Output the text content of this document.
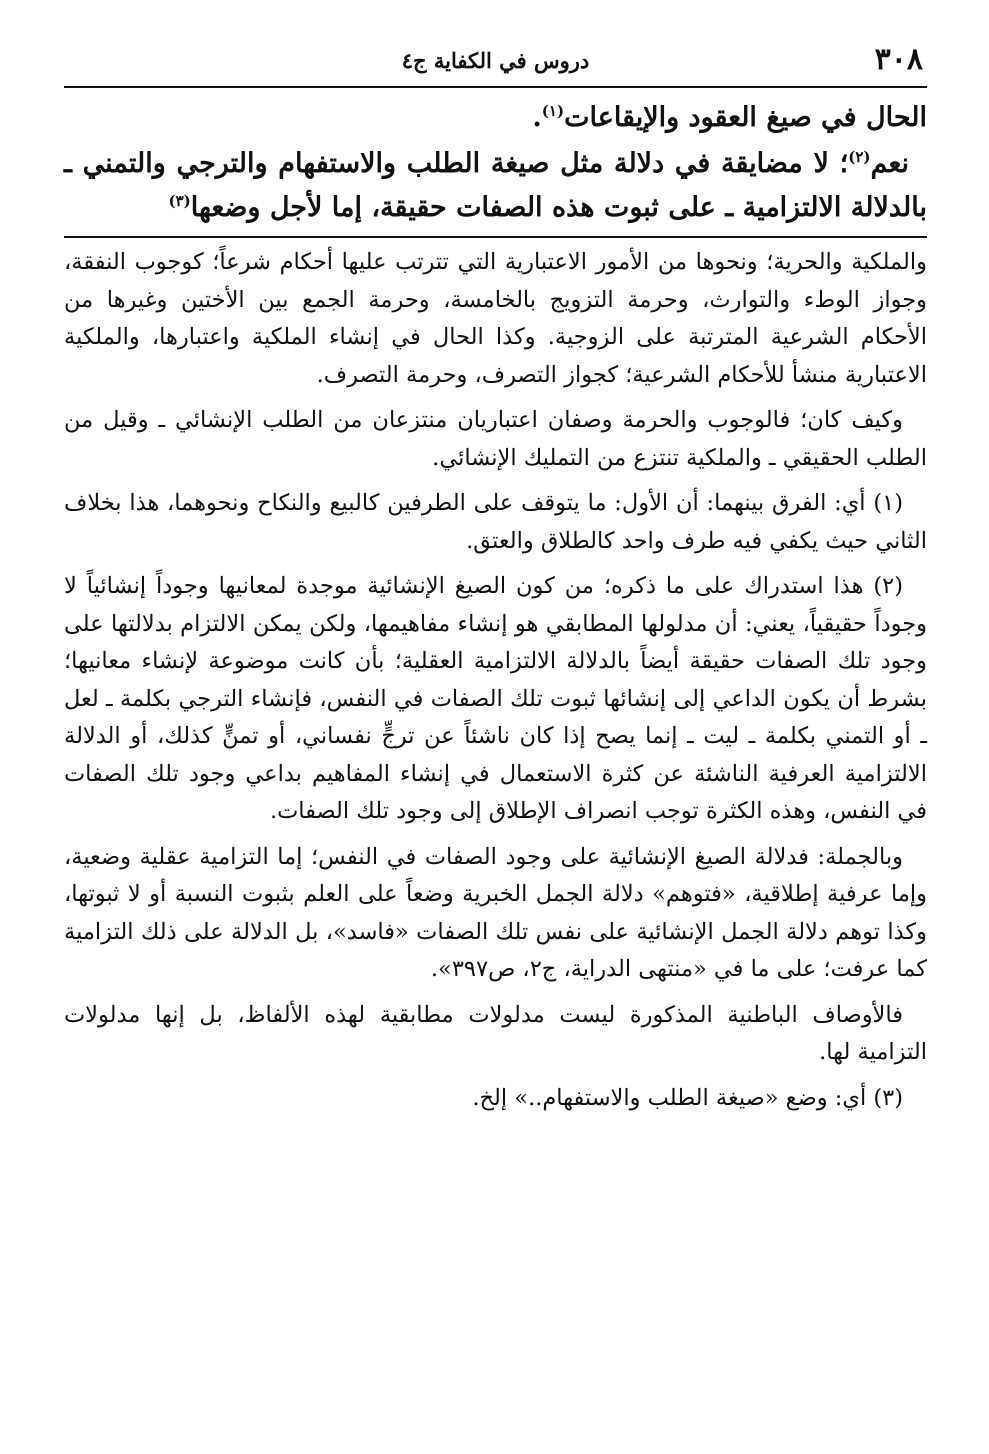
٣٠٨
دروس في الكفاية ج٤

الحال في صيغ العقود والإيقاعات$^{(١)}$.

نعم$^{(٢)}$؛ لا مضايقة في دلالة مثل صيغة الطلب والاستفهام والترجي والتمني ـ بالدلالة الالتزامية ـ على ثبوت هذه الصفات حقيقة، إما لأجل وضعها$^{(٣)}$

والملكية والحرية؛ ونحوها من الأمور الاعتبارية التي تترتب عليها أحكام شرعاً؛ كوجوب النفقة، وجواز الوطء والتوارث، وحرمة التزويج بالخامسة، وحرمة الجمع بين الأختين وغيرها من الأحكام الشرعية المترتبة على الزوجية. وكذا الحال في إنشاء الملكية واعتبارها، والملكية الاعتبارية منشأ للأحكام الشرعية؛ كجواز التصرف، وحرمة التصرف.

وكيف كان؛ فالوجوب والحرمة وصفان اعتباريان منتزعان من الطلب الإنشائي ـ وقيل من الطلب الحقيقي ـ والملكية تنتزع من التمليك الإنشائي.

(١) أي: الفرق بينهما: أن الأول: ما يتوقف على الطرفين كالبيع والنكاح ونحوهما، هذا بخلاف الثاني حيث يكفي فيه طرف واحد كالطلاق والعتق.

(٢) هذا استدراك على ما ذكره؛ من كون الصيغ الإنشائية موجدة لمعانيها وجوداً إنشائياً لا وجوداً حقيقياً، يعني: أن مدلولها المطابقي هو إنشاء مفاهيمها، ولكن يمكن الالتزام بدلالتها على وجود تلك الصفات حقيقة أيضاً بالدلالة الالتزامية العقلية؛ بأن كانت موضوعة لإنشاء معانيها؛ بشرط أن يكون الداعي إلى إنشائها ثبوت تلك الصفات في النفس، فإنشاء الترجي بكلمة ـ لعل ـ أو التمني بكلمة ـ ليت ـ إنما يصح إذا كان ناشئاً عن ترجٍّ نفساني، أو تمنٍّ كذلك، أو الدلالة الالتزامية العرفية الناشئة عن كثرة الاستعمال في إنشاء المفاهيم بداعي وجود تلك الصفات في النفس، وهذه الكثرة توجب انصراف الإطلاق إلى وجود تلك الصفات.

وبالجملة: فدلالة الصيغ الإنشائية على وجود الصفات في النفس؛ إما التزامية عقلية وضعية، وإما عرفية إطلاقية، «فتوهم» دلالة الجمل الخبرية وضعاً على العلم بثبوت النسبة أو لا ثبوتها، وكذا توهم دلالة الجمل الإنشائية على نفس تلك الصفات «فاسد»، بل الدلالة على ذلك التزامية كما عرفت؛ على ما في «منتهى الدراية، ج٢، ص٣٩٧».

فالأوصاف الباطنية المذكورة ليست مدلولات مطابقية لهذه الألفاظ، بل إنها مدلولات التزامية لها.

(٣) أي: وضع «صيغة الطلب والاستفهام..» إلخ.
